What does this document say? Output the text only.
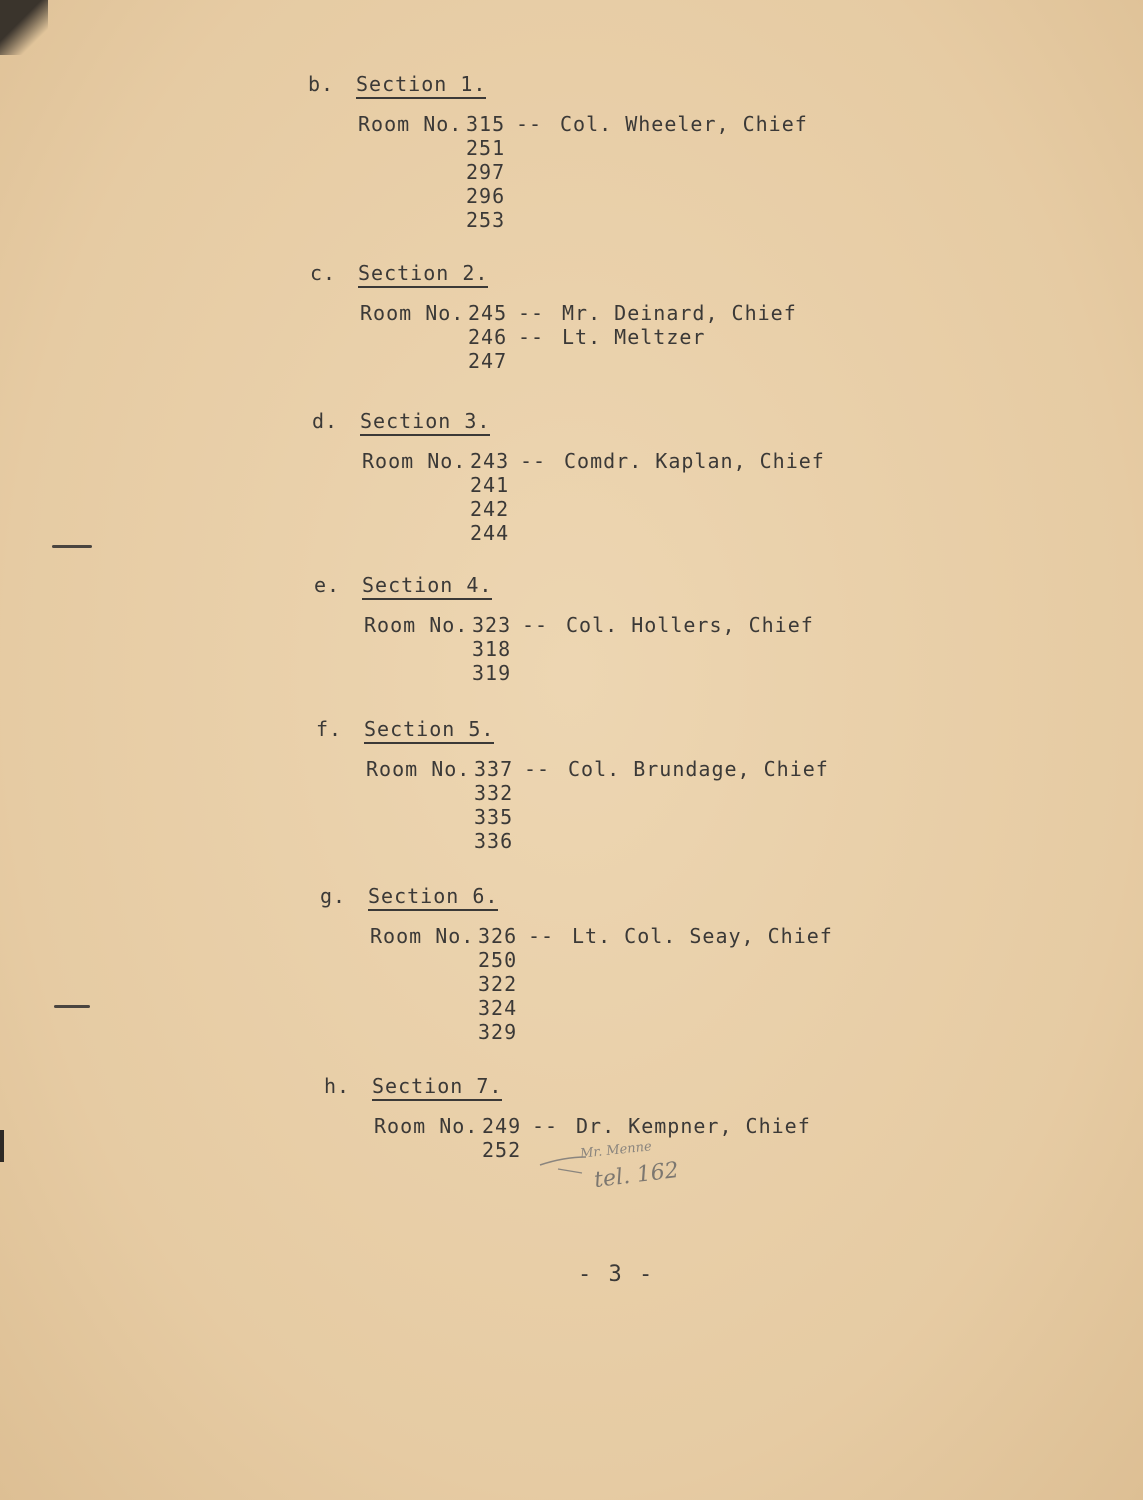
b. Section 1.
Room No. 315 -- Col. Wheeler, Chief
251
297
296
253
c. Section 2.
Room No. 245 -- Mr. Deinard, Chief
246 -- Lt. Meltzer
247
d. Section 3.
Room No. 243 -- Comdr. Kaplan, Chief
241
242
244
e. Section 4.
Room No. 323 -- Col. Hollers, Chief
318
319
f. Section 5.
Room No. 337 -- Col. Brundage, Chief
332
335
336
g. Section 6.
Room No. 326 -- Lt. Col. Seay, Chief
250
322
324
329
h. Section 7.
Room No. 249 -- Dr. Kempner, Chief
252	Mr. Menne
tel. 162
- 3 -
